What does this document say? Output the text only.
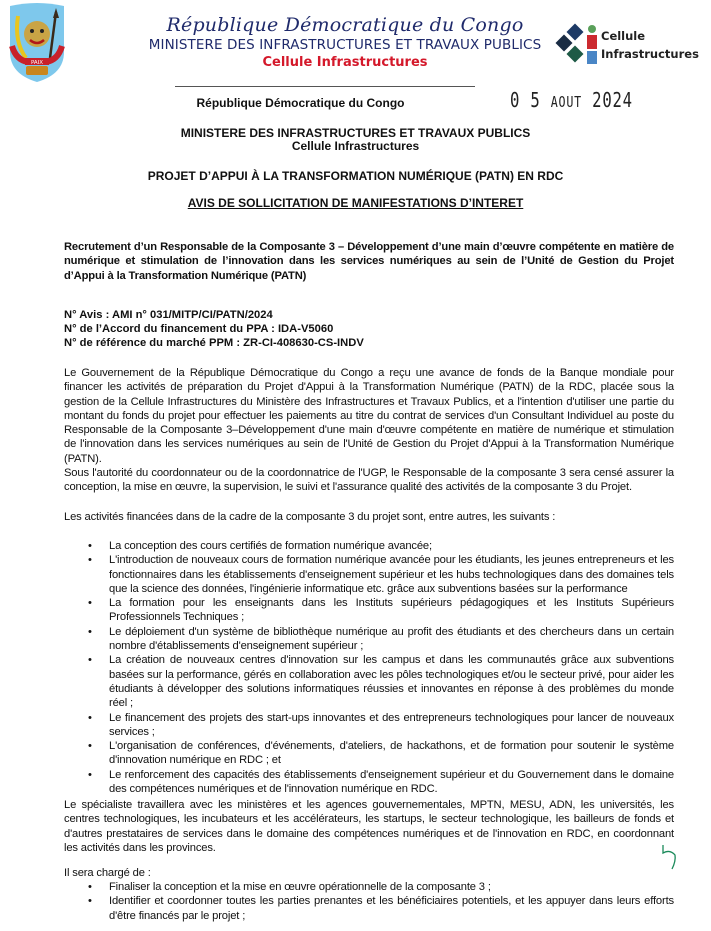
PAIX
République Démocratique du Congo
MINISTERE DES INFRASTRUCTURES ET TRAVAUX PUBLICS
Cellule Infrastructures
Cellule
Infrastructures
0 5 AOUT 2024
République Démocratique du Congo
MINISTERE DES INFRASTRUCTURES ET TRAVAUX PUBLICS
Cellule Infrastructures
PROJET D’APPUI À LA TRANSFORMATION NUMÉRIQUE (PATN) EN RDC
AVIS DE SOLLICITATION DE MANIFESTATIONS D’INTERET
Recrutement d’un Responsable de la Composante 3 – Développement d’une main d’œuvre compétente en matière de numérique et stimulation de l’innovation dans les services numériques au sein de l’Unité de Gestion du Projet d’Appui à la Transformation Numérique (PATN)
N° Avis : AMI n° 031/MITP/CI/PATN/2024
N° de l’Accord du financement du PPA : IDA-V5060
N° de référence du marché PPM : ZR-CI-408630-CS-INDV
Le Gouvernement de la République Démocratique du Congo a reçu une avance de fonds de la Banque mondiale pour financer les activités de préparation du Projet d'Appui à la Transformation Numérique (PATN) de la RDC, placée sous la gestion de la Cellule Infrastructures du Ministère des Infrastructures et Travaux Publics, et a l'intention d'utiliser une partie du montant du fonds du projet pour effectuer les paiements au titre du contrat de services d'un Consultant Individuel au poste du Responsable de la Composante 3–Développement d'une main d'œuvre compétente en matière de numérique et stimulation de l'innovation dans les services numériques au sein de l'Unité de Gestion du Projet d'Appui à la Transformation Numérique (PATN).
Sous l'autorité du coordonnateur ou de la coordonnatrice de l'UGP, le Responsable de la composante 3 sera censé assurer la conception, la mise en œuvre, la supervision, le suivi et l'assurance qualité des activités de la composante 3 du Projet.
Les activités financées dans de la cadre de la composante 3 du projet sont, entre autres, les suivants :
• La conception des cours certifiés de formation numérique avancée;
• L'introduction de nouveaux cours de formation numérique avancée pour les étudiants, les jeunes entrepreneurs et les fonctionnaires dans les établissements d'enseignement supérieur et les hubs technologiques dans des domaines tels que la science des données, l'ingénierie informatique etc. grâce aux subventions basées sur la performance
• La formation pour les enseignants dans les Instituts supérieurs pédagogiques et les Instituts Supérieurs Professionnels Techniques ;
• Le déploiement d'un système de bibliothèque numérique au profit des étudiants et des chercheurs dans un certain nombre d'établissements d'enseignement supérieur ;
• La création de nouveaux centres d'innovation sur les campus et dans les communautés grâce aux subventions basées sur la performance, gérés en collaboration avec les pôles technologiques et/ou le secteur privé, pour aider les étudiants à développer des solutions informatiques réussies et innovantes en réponse à des problèmes du monde réel ;
• Le financement des projets des start-ups innovantes et des entrepreneurs technologiques pour lancer de nouveaux services ;
• L'organisation de conférences, d'événements, d'ateliers, de hackathons, et de formation pour soutenir le système d'innovation numérique en RDC ; et
• Le renforcement des capacités des établissements d'enseignement supérieur et du Gouvernement dans le domaine des compétences numériques et de l'innovation numérique en RDC.
Le spécialiste travaillera avec les ministères et les agences gouvernementales, MPTN, MESU, ADN, les universités, les centres technologiques, les incubateurs et les accélérateurs, les startups, le secteur technologique, les bailleurs de fonds et d'autres prestataires de services dans le domaine des compétences numériques et de l'innovation en RDC, en coordonnant les activités dans les provinces.
Il sera chargé de :
• Finaliser la conception et la mise en œuvre opérationnelle de la composante 3 ;
• Identifier et coordonner toutes les parties prenantes et les bénéficiaires potentiels, et les appuyer dans leurs efforts d'être financés par le projet ;
